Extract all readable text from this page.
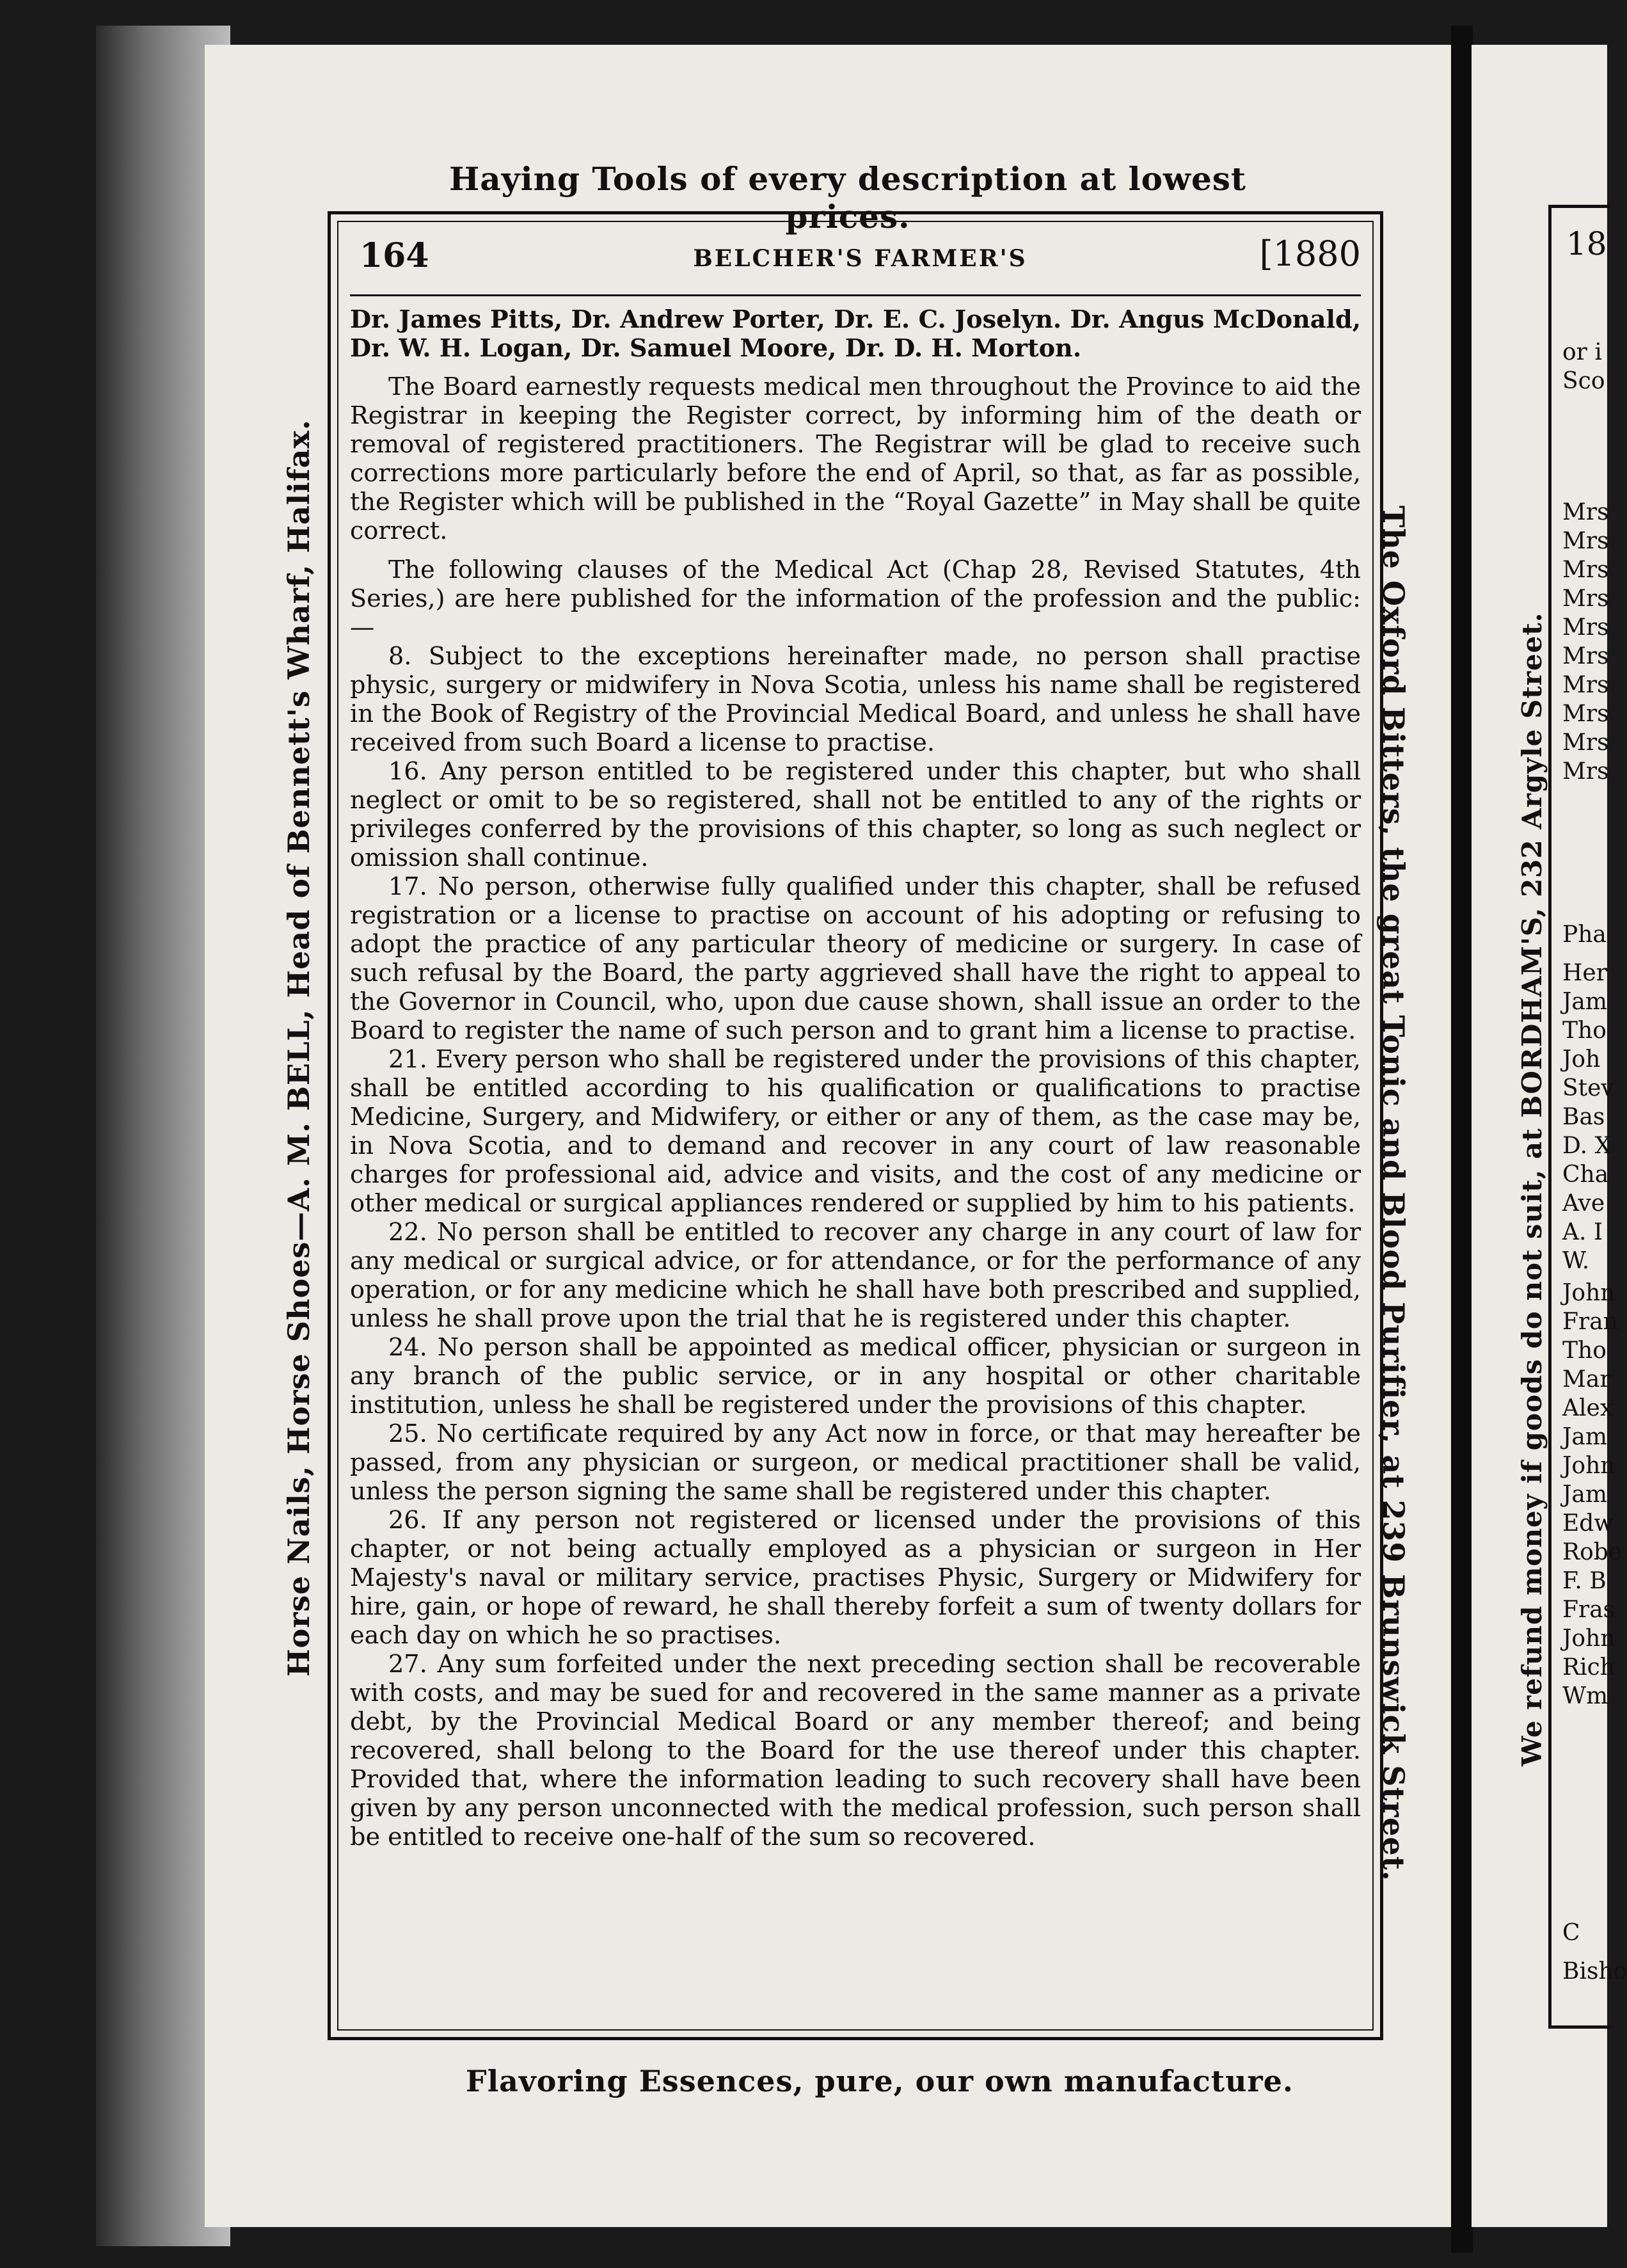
Haying Tools of every description at lowest prices.
164	BELCHER'S FARMER'S	[1880

Dr. James Pitts, Dr. Andrew Porter, Dr. E. C. Joselyn. Dr. Angus McDonald, Dr. W. H. Logan, Dr. Samuel Moore, Dr. D. H. Morton.

The Board earnestly requests medical men throughout the Province to aid the Registrar in keeping the Register correct, by informing him of the death or removal of registered practitioners. The Registrar will be glad to receive such corrections more particularly before the end of April, so that, as far as possible, the Register which will be published in the “Royal Gazette” in May shall be quite correct.

The following clauses of the Medical Act (Chap 28, Revised Statutes, 4th Series,) are here published for the information of the profession and the public:—

8. Subject to the exceptions hereinafter made, no person shall practise physic, surgery or midwifery in Nova Scotia, unless his name shall be registered in the Book of Registry of the Provincial Medical Board, and unless he shall have received from such Board a license to practise.

16. Any person entitled to be registered under this chapter, but who shall neglect or omit to be so registered, shall not be entitled to any of the rights or privileges conferred by the provisions of this chapter, so long as such neglect or omission shall continue.

17. No person, otherwise fully qualified under this chapter, shall be refused registration or a license to practise on account of his adopting or refusing to adopt the practice of any particular theory of medicine or surgery. In case of such refusal by the Board, the party aggrieved shall have the right to appeal to the Governor in Council, who, upon due cause shown, shall issue an order to the Board to register the name of such person and to grant him a license to practise.

21. Every person who shall be registered under the provisions of this chapter, shall be entitled according to his qualification or qualifications to practise Medicine, Surgery, and Midwifery, or either or any of them, as the case may be, in Nova Scotia, and to demand and recover in any court of law reasonable charges for professional aid, advice and visits, and the cost of any medicine or other medical or surgical appliances rendered or supplied by him to his patients.

22. No person shall be entitled to recover any charge in any court of law for any medical or surgical advice, or for attendance, or for the performance of any operation, or for any medicine which he shall have both prescribed and supplied, unless he shall prove upon the trial that he is registered under this chapter.

24. No person shall be appointed as medical officer, physician or surgeon in any branch of the public service, or in any hospital or other charitable institution, unless he shall be registered under the provisions of this chapter.

25. No certificate required by any Act now in force, or that may hereafter be passed, from any physician or surgeon, or medical practitioner shall be valid, unless the person signing the same shall be registered under this chapter.

26. If any person not registered or licensed under the provisions of this chapter, or not being actually employed as a physician or surgeon in Her Majesty's naval or military service, practises Physic, Surgery or Midwifery for hire, gain, or hope of reward, he shall thereby forfeit a sum of twenty dollars for each day on which he so practises.

27. Any sum forfeited under the next preceding section shall be recoverable with costs, and may be sued for and recovered in the same manner as a private debt, by the Provincial Medical Board or any member thereof; and being recovered, shall belong to the Board for the use thereof under this chapter. Provided that, where the information leading to such recovery shall have been given by any person unconnected with the medical profession, such person shall be entitled to receive one-half of the sum so recovered.

Flavoring Essences, pure, our own manufacture.
Horse Nails, Horse Shoes—A. M. BELL, Head of Bennett's Wharf, Halifax.	The Oxford Bitters, the great Tonic and Blood Purifier, at 239 Brunswick Street.	We refund money if goods do not suit, at BORDHAM'S, 232 Argyle Street.
18
or i
Sco
Mrs
Mrs
Mrs
Mrs
Mrs
Mrs
Mrs
Mrs
Mrs
Mrs
Pha
Her
Jam
Tho
Joh
Stev
Bas
D. X
Cha
Ave
A. I
W.
John
Fran
Tho
Mar
Alex
Jam
John
Jam
Edw
Robe
F. B
Fras
John
Rich
Wm
C
Bisho
